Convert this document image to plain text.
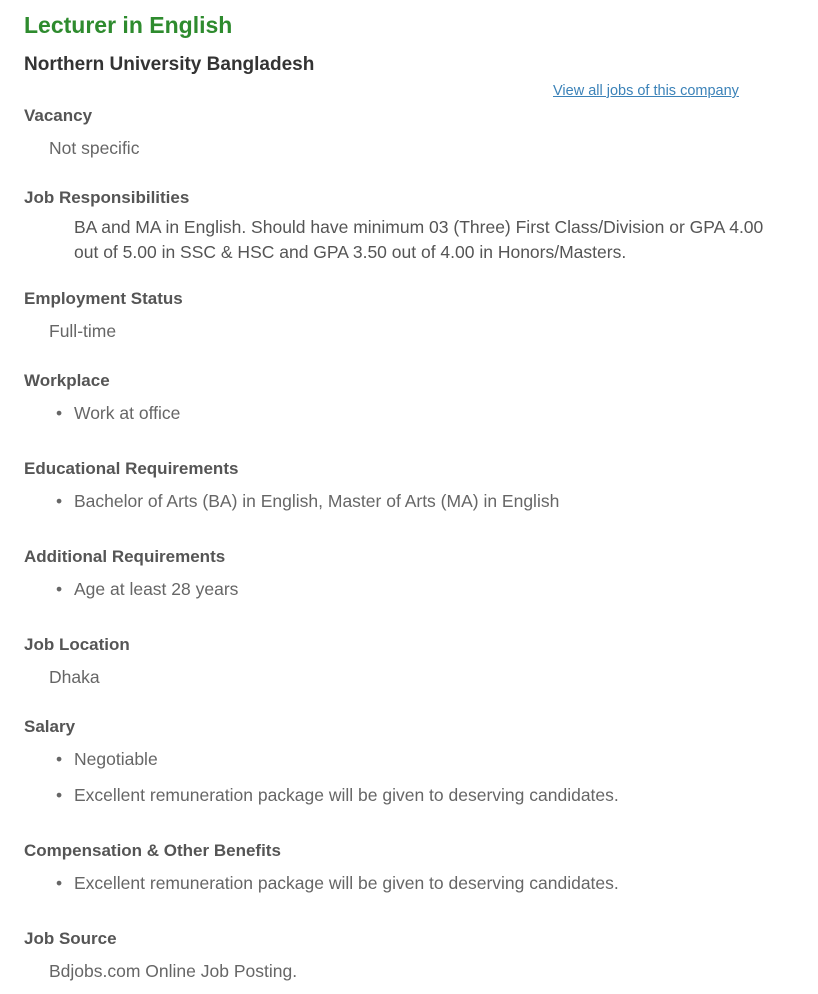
Lecturer in English
Northern University Bangladesh
View all jobs of this company
Vacancy
Not specific
Job Responsibilities
BA and MA in English. Should have minimum 03 (Three) First Class/Division or GPA 4.00 out of 5.00 in SSC & HSC and GPA 3.50 out of 4.00 in Honors/Masters.
Employment Status
Full-time
Workplace
• Work at office
Educational Requirements
• Bachelor of Arts (BA) in English, Master of Arts (MA) in English
Additional Requirements
• Age at least 28 years
Job Location
Dhaka
Salary
• Negotiable
• Excellent remuneration package will be given to deserving candidates.
Compensation & Other Benefits
• Excellent remuneration package will be given to deserving candidates.
Job Source
Bdjobs.com Online Job Posting.
